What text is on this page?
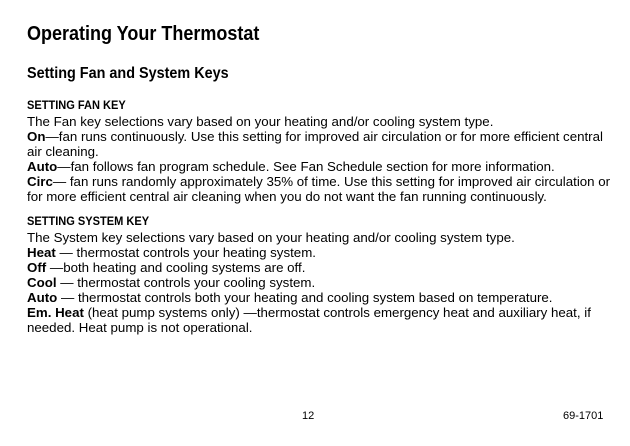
Operating Your Thermostat
Setting Fan and System Keys
SETTING FAN KEY

The Fan key selections vary based on your heating and/or cooling system type.

On—fan runs continuously. Use this setting for improved air circulation or for more efficient central air cleaning.

Auto—fan follows fan program schedule. See Fan Schedule section for more information.

Circ— fan runs randomly approximately 35% of time. Use this setting for improved air circulation or for more efficient central air cleaning when you do not want the fan running continuously.

SETTING SYSTEM KEY

The System key selections vary based on your heating and/or cooling system type.

Heat — thermostat controls your heating system.

Off —both heating and cooling systems are off.

Cool — thermostat controls your cooling system.

Auto — thermostat controls both your heating and cooling system based on temperature.

Em. Heat (heat pump systems only) —thermostat controls emergency heat and auxiliary heat, if needed. Heat pump is not operational.

12	69-1701
